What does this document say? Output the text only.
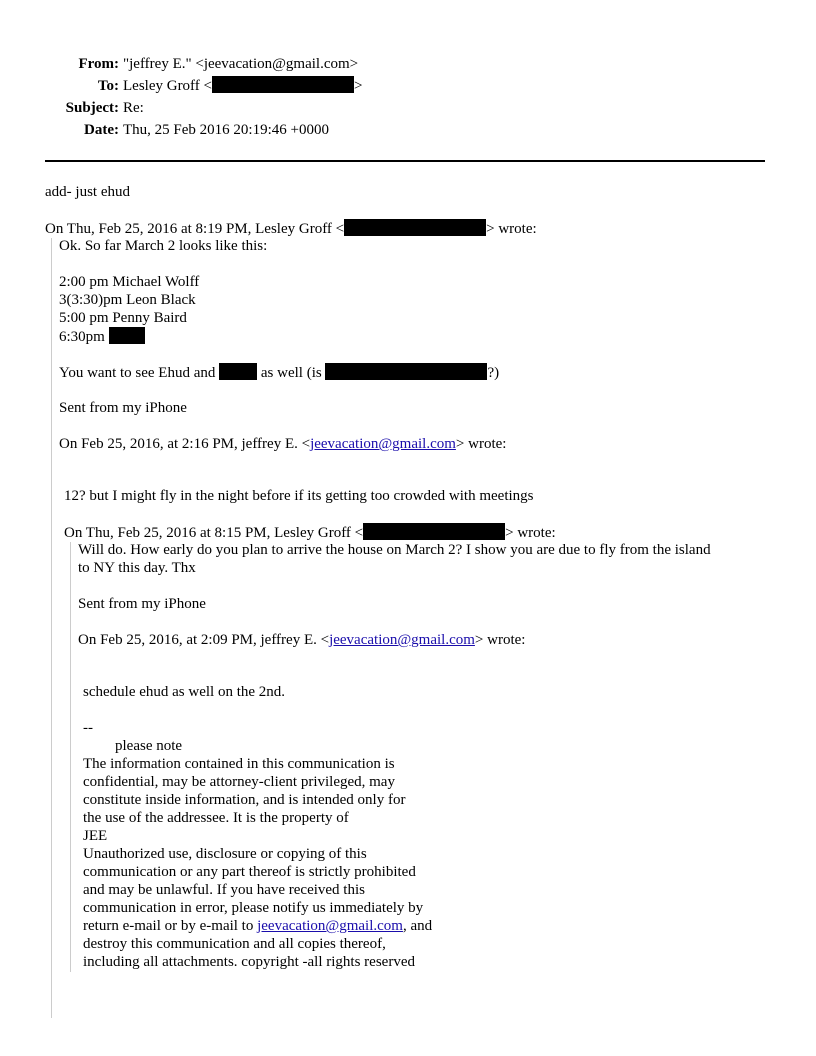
From: "jeffrey E." <jeevacation@gmail.com>
To: Lesley Groff <	>
Subject: Re:
Date: Thu, 25 Feb 2016 20:19:46 +0000
add- just ehud
On Thu, Feb 25, 2016 at 8:19 PM, Lesley Groff <	> wrote:
Ok. So far March 2 looks like this:
2:00 pm Michael Wolff
3(3:30)pm Leon Black
5:00 pm Penny Baird
6:30pm
You want to see Ehud and	as well (is	?)
Sent from my iPhone
On Feb 25, 2016, at 2:16 PM, jeffrey E. <jeevacation@gmail.com> wrote:
12? but I might fly in the night before if its getting too crowded with meetings
On Thu, Feb 25, 2016 at 8:15 PM, Lesley Groff <	> wrote:
Will do. How early do you plan to arrive the house on March 2? I show you are due to fly from the island
to NY this day. Thx
Sent from my iPhone
On Feb 25, 2016, at 2:09 PM, jeffrey E. <jeevacation@gmail.com> wrote:
schedule ehud as well on the 2nd.
--
please note
The information contained in this communication is
confidential, may be attorney-client privileged, may
constitute inside information, and is intended only for
the use of the addressee. It is the property of
JEE
Unauthorized use, disclosure or copying of this
communication or any part thereof is strictly prohibited
and may be unlawful. If you have received this
communication in error, please notify us immediately by
return e-mail or by e-mail to jeevacation@gmail.com, and
destroy this communication and all copies thereof,
including all attachments. copyright -all rights reserved
